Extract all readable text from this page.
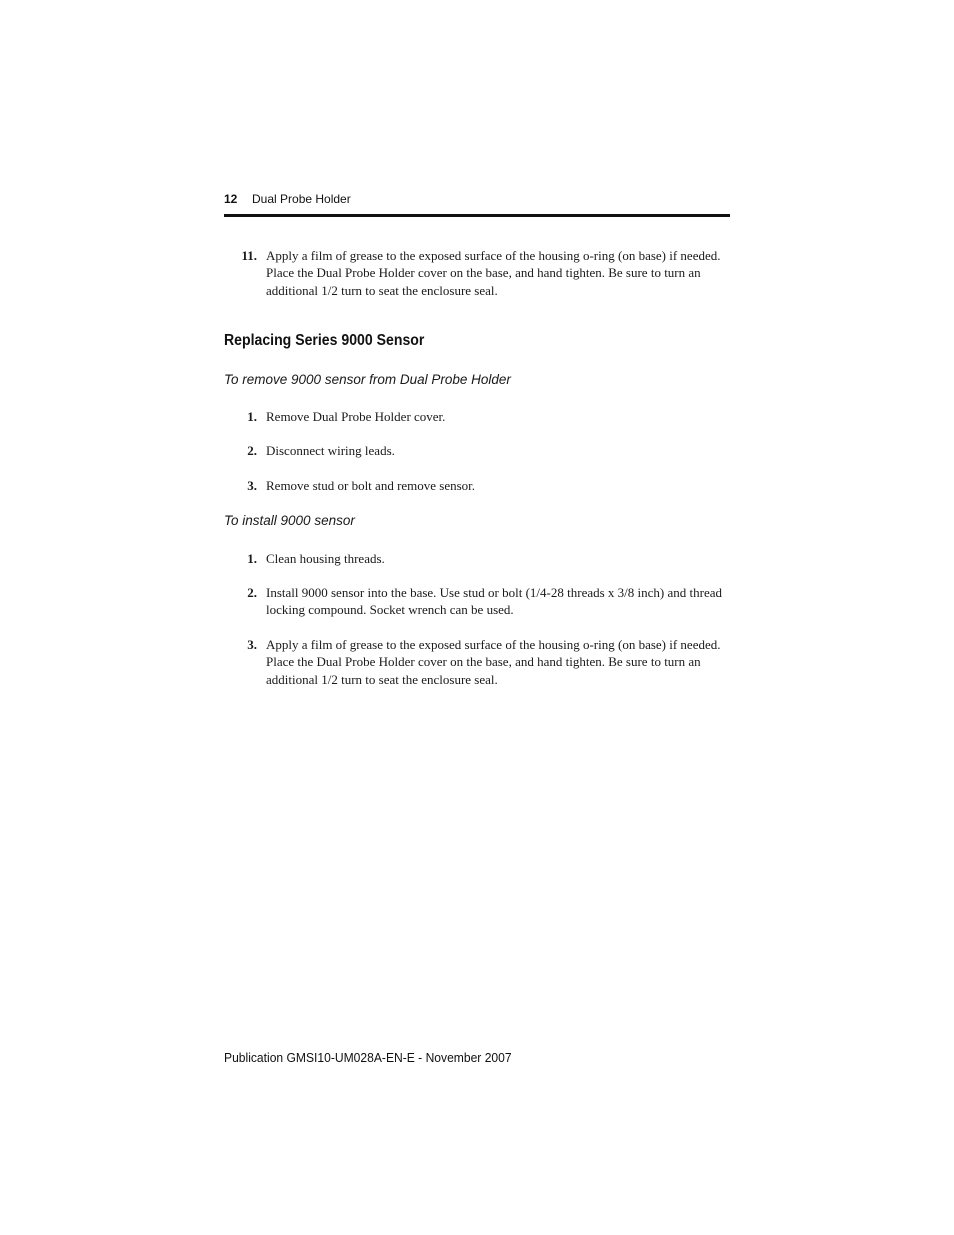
12 Dual Probe Holder
11. Apply a film of grease to the exposed surface of the housing o-ring (on base) if needed. Place the Dual Probe Holder cover on the base, and hand tighten. Be sure to turn an additional 1/2 turn to seat the enclosure seal.
Replacing Series 9000 Sensor
To remove 9000 sensor from Dual Probe Holder
1. Remove Dual Probe Holder cover.
2. Disconnect wiring leads.
3. Remove stud or bolt and remove sensor.
To install 9000 sensor
1. Clean housing threads.
2. Install 9000 sensor into the base. Use stud or bolt (1/4-28 threads x 3/8 inch) and thread locking compound. Socket wrench can be used.
3. Apply a film of grease to the exposed surface of the housing o-ring (on base) if needed. Place the Dual Probe Holder cover on the base, and hand tighten. Be sure to turn an additional 1/2 turn to seat the enclosure seal.
Publication GMSI10-UM028A-EN-E - November 2007
